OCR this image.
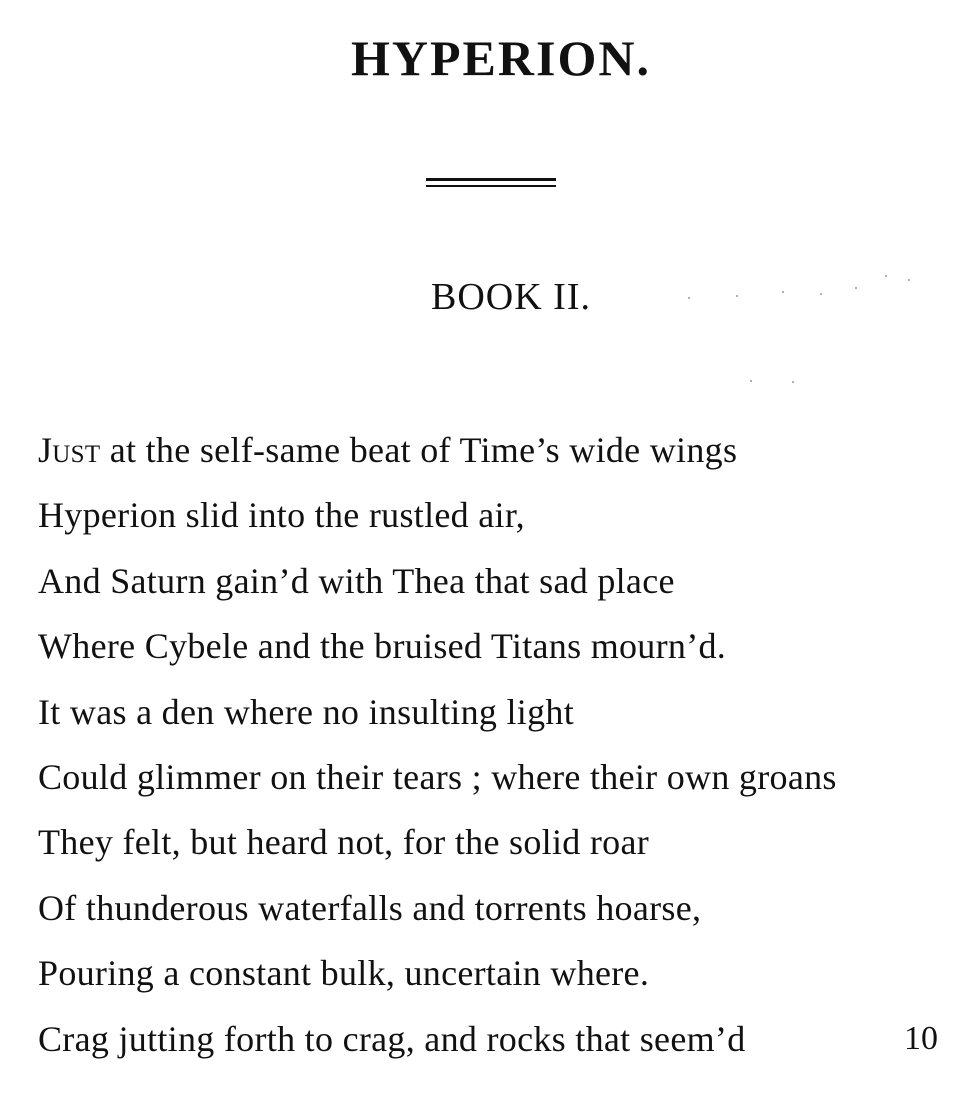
HYPERION.
BOOK II.
Just at the self-same beat of Time’s wide wings
Hyperion slid into the rustled air,
And Saturn gain’d with Thea that sad place
Where Cybele and the bruised Titans mourn’d.
It was a den where no insulting light
Could glimmer on their tears ; where their own groans
They felt, but heard not, for the solid roar
Of thunderous waterfalls and torrents hoarse,
Pouring a constant bulk, uncertain where.
Crag jutting forth to crag, and rocks that seem’d	10
